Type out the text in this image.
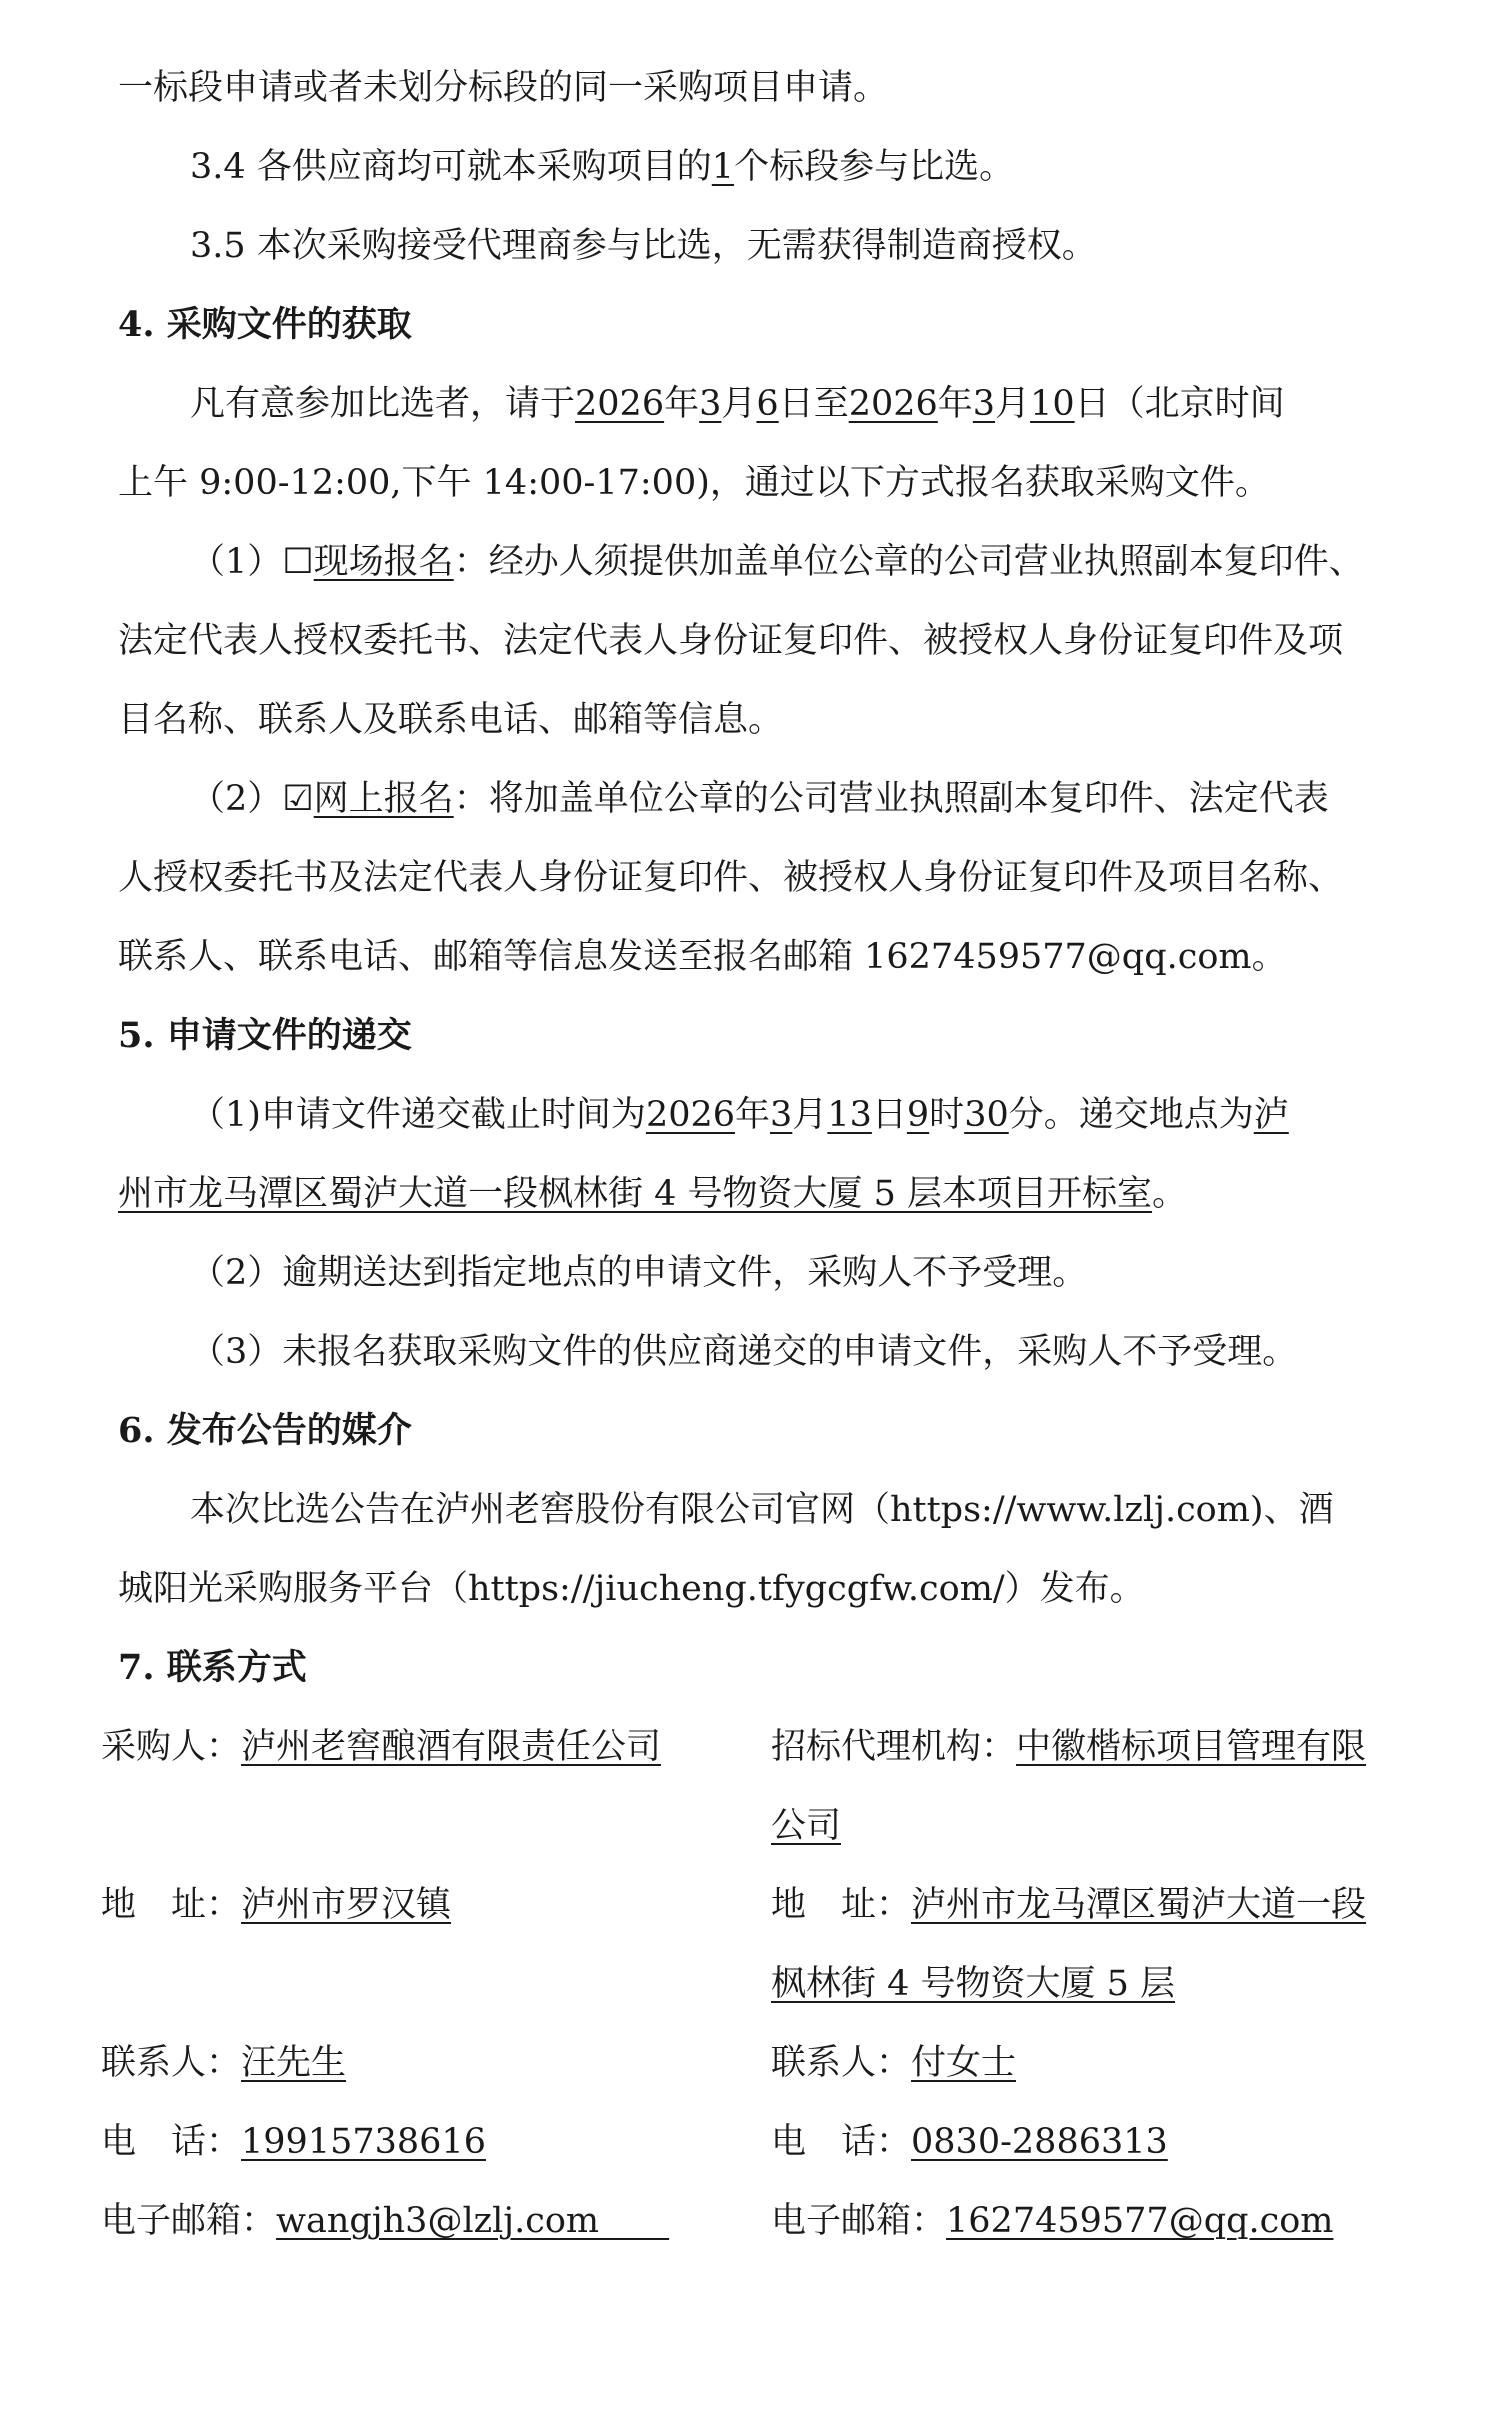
一标段申请或者未划分标段的同一采购项目申请。
3.4 各供应商均可就本采购项目的1个标段参与比选。
3.5 本次采购接受代理商参与比选，无需获得制造商授权。
4. 采购文件的获取
凡有意参加比选者，请于2026年3月6日至2026年3月10日（北京时间
上午 9:00-12:00,下午 14:00-17:00)，通过以下方式报名获取采购文件。
（1）☐现场报名：经办人须提供加盖单位公章的公司营业执照副本复印件、
法定代表人授权委托书、法定代表人身份证复印件、被授权人身份证复印件及项
目名称、联系人及联系电话、邮箱等信息。
（2）☑网上报名：将加盖单位公章的公司营业执照副本复印件、法定代表
人授权委托书及法定代表人身份证复印件、被授权人身份证复印件及项目名称、
联系人、联系电话、邮箱等信息发送至报名邮箱 1627459577@qq.com。
5. 申请文件的递交
（1)申请文件递交截止时间为2026年3月13日9时30分。递交地点为泸
州市龙马潭区蜀泸大道一段枫林街 4 号物资大厦 5 层本项目开标室。
（2）逾期送达到指定地点的申请文件，采购人不予受理。
（3）未报名获取采购文件的供应商递交的申请文件，采购人不予受理。
6. 发布公告的媒介
本次比选公告在泸州老窖股份有限公司官网（https://www.lzlj.com)、酒
城阳光采购服务平台（https://jiucheng.tfygcgfw.com/）发布。
7. 联系方式
采购人：泸州老窖酿酒有限责任公司	招标代理机构：中徽楷标项目管理有限
公司
地　址：泸州市罗汉镇	地　址：泸州市龙马潭区蜀泸大道一段
枫林街 4 号物资大厦 5 层
联系人：汪先生	联系人：付女士
电　话：19915738616	电　话：0830-2886313
电子邮箱：wangjh3@lzlj.com　　	电子邮箱：1627459577@qq.com
